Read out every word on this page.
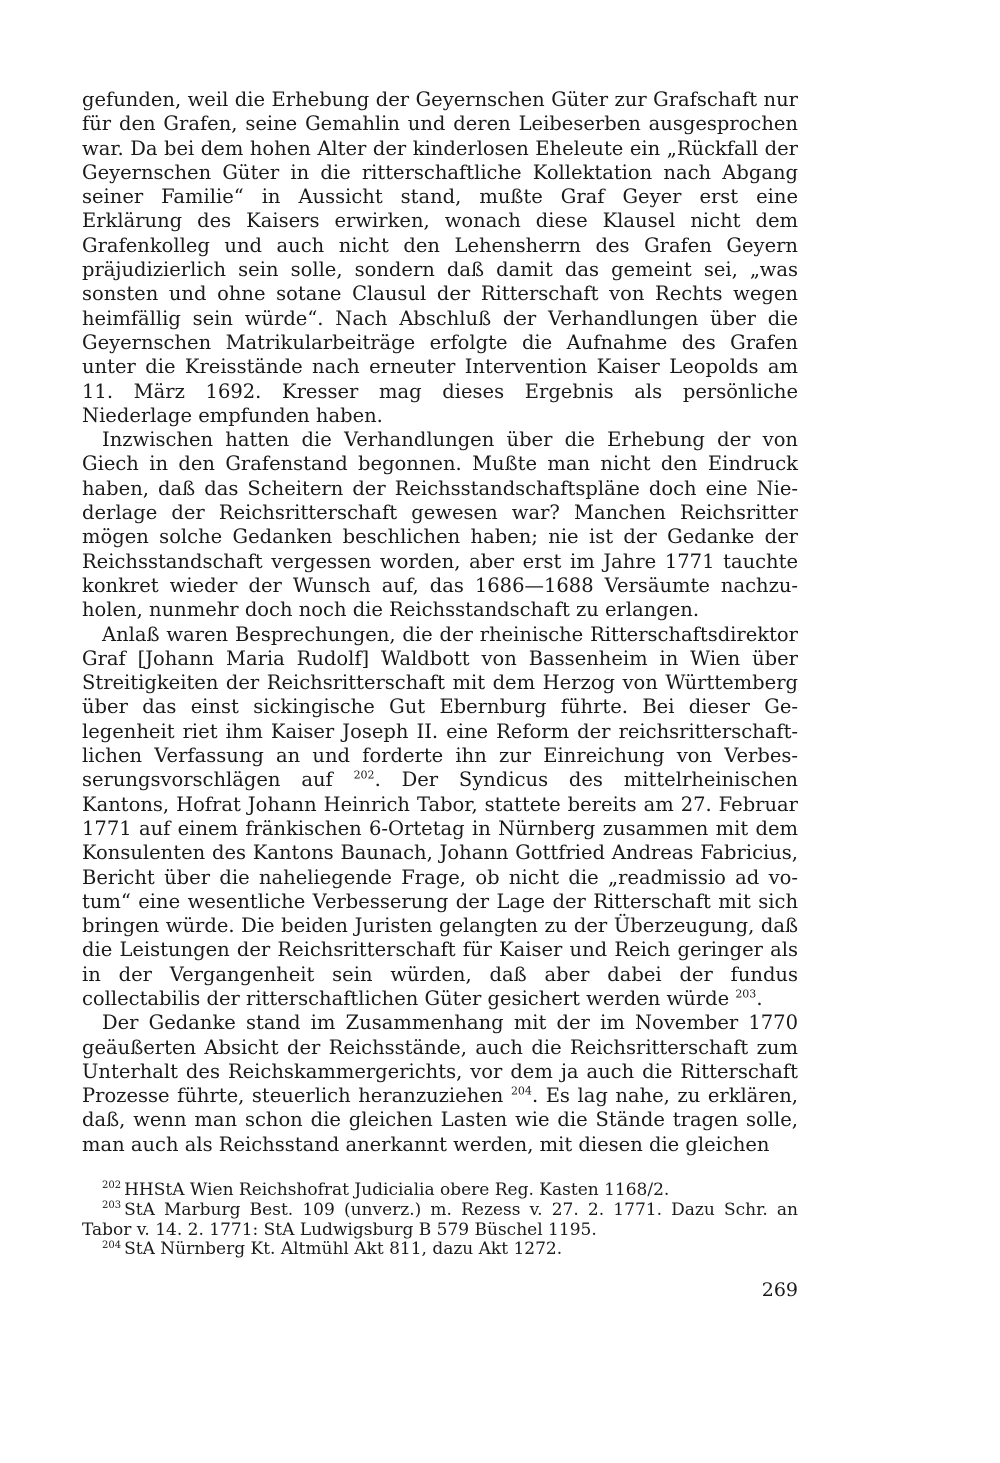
gefunden, weil die Erhebung der Geyernschen Güter zur Grafschaft nur für den Grafen, seine Gemahlin und deren Leibeserben ausgesprochen war. Da bei dem hohen Alter der kinderlosen Eheleute ein „Rückfall der Geyernschen Güter in die ritterschaftliche Kollektation nach Abgang seiner Familie“ in Aussicht stand, mußte Graf Geyer erst eine Erklärung des Kaisers erwirken, wonach diese Klausel nicht dem Grafenkolleg und auch nicht den Lehensherrn des Grafen Geyern präjudizierlich sein solle, sondern daß damit das gemeint sei, „was sonsten und ohne sotane Clausul der Ritterschaft von Rechts wegen heimfällig sein würde“. Nach Abschluß der Verhandlungen über die Geyernschen Matrikularbeiträge erfolgte die Aufnahme des Grafen unter die Kreisstände nach erneuter Intervention Kaiser Leopolds am 11. März 1692. Kresser mag dieses Ergebnis als persönliche Niederlage empfunden haben.

Inzwischen hatten die Verhandlungen über die Erhebung der von Giech in den Grafenstand begonnen. Mußte man nicht den Eindruck haben, daß das Scheitern der Reichsstandschaftspläne doch eine Niederlage der Reichsritterschaft gewesen war? Manchen Reichsritter mögen solche Gedanken beschlichen haben; nie ist der Gedanke der Reichsstandschaft vergessen worden, aber erst im Jahre 1771 tauchte konkret wieder der Wunsch auf, das 1686—1688 Versäumte nachzuholen, nunmehr doch noch die Reichsstandschaft zu erlangen.

Anlaß waren Besprechungen, die der rheinische Ritterschaftsdirektor Graf [Johann Maria Rudolf] Waldbott von Bassenheim in Wien über Streitigkeiten der Reichsritterschaft mit dem Herzog von Württemberg über das einst sickingische Gut Ebernburg führte. Bei dieser Gelegenheit riet ihm Kaiser Joseph II. eine Reform der reichsritterschaftlichen Verfassung an und forderte ihn zur Einreichung von Verbesserungsvorschlägen auf $^{202}$. Der Syndicus des mittelrheinischen Kantons, Hofrat Johann Heinrich Tabor, stattete bereits am 27. Februar 1771 auf einem fränkischen 6-Ortetag in Nürnberg zusammen mit dem Konsulenten des Kantons Baunach, Johann Gottfried Andreas Fabricius, Bericht über die naheliegende Frage, ob nicht die „readmissio ad votum“ eine wesentliche Verbesserung der Lage der Ritterschaft mit sich bringen würde. Die beiden Juristen gelangten zu der Überzeugung, daß die Leistungen der Reichsritterschaft für Kaiser und Reich geringer als in der Vergangenheit sein würden, daß aber dabei der fundus collectabilis der ritterschaftlichen Güter gesichert werden würde $^{203}$.

Der Gedanke stand im Zusammenhang mit der im November 1770 geäußerten Absicht der Reichsstände, auch die Reichsritterschaft zum Unterhalt des Reichskammergerichts, vor dem ja auch die Ritterschaft Prozesse führte, steuerlich heranzuziehen $^{204}$. Es lag nahe, zu erklären, daß, wenn man schon die gleichen Lasten wie die Stände tragen solle, man auch als Reichsstand anerkannt werden, mit diesen die gleichen

$^{202}$ HHStA Wien Reichshofrat Judicialia obere Reg. Kasten 1168/2.

$^{203}$ StA Marburg Best. 109 (unverz.) m. Rezess v. 27. 2. 1771. Dazu Schr. an Tabor v. 14. 2. 1771: StA Ludwigsburg B 579 Büschel 1195.

$^{204}$ StA Nürnberg Kt. Altmühl Akt 811, dazu Akt 1272.

269
